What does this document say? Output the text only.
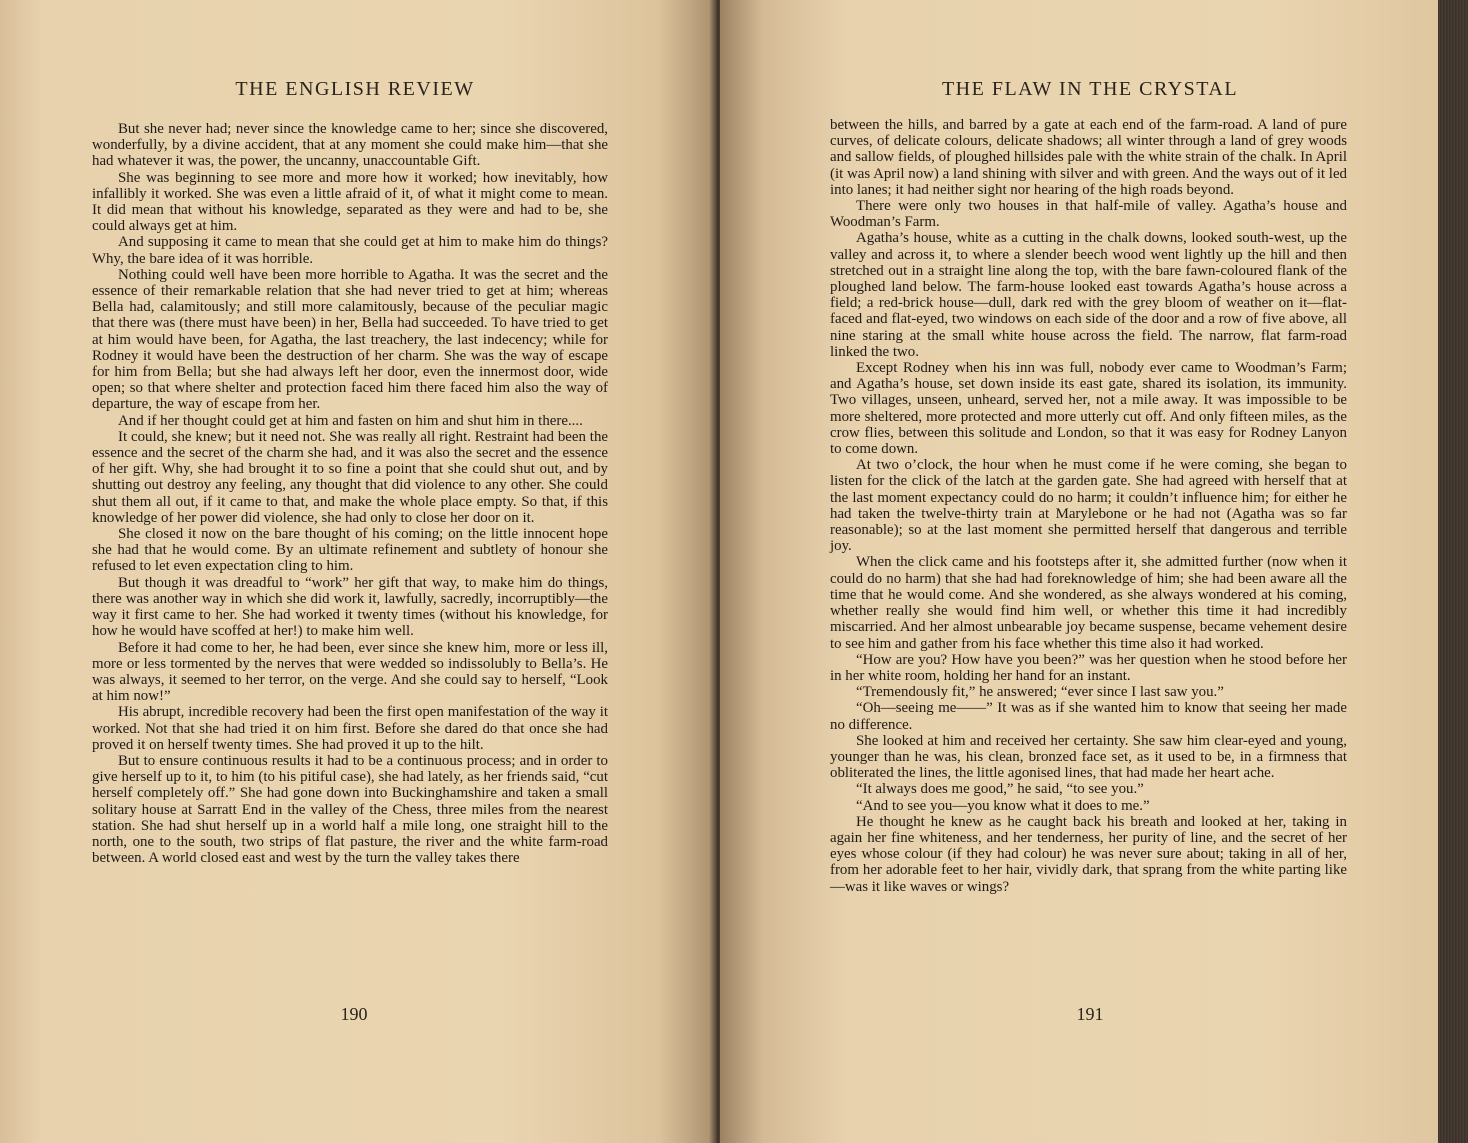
THE ENGLISH REVIEW

But she never had; never since the knowledge came to her; since she discovered, wonderfully, by a divine accident, that at any moment she could make him—that she had whatever it was, the power, the uncanny, unaccountable Gift.

She was beginning to see more and more how it worked; how inevitably, how infallibly it worked. She was even a little afraid of it, of what it might come to mean. It did mean that without his knowledge, separated as they were and had to be, she could always get at him.

And supposing it came to mean that she could get at him to make him do things? Why, the bare idea of it was horrible.

Nothing could well have been more horrible to Agatha. It was the secret and the essence of their remarkable relation that she had never tried to get at him; whereas Bella had, calamitously; and still more calamitously, because of the peculiar magic that there was (there must have been) in her, Bella had succeeded. To have tried to get at him would have been, for Agatha, the last treachery, the last indecency; while for Rodney it would have been the destruction of her charm. She was the way of escape for him from Bella; but she had always left her door, even the innermost door, wide open; so that where shelter and protection faced him there faced him also the way of departure, the way of escape from her.

And if her thought could get at him and fasten on him and shut him in there....

It could, she knew; but it need not. She was really all right. Restraint had been the essence and the secret of the charm she had, and it was also the secret and the essence of her gift. Why, she had brought it to so fine a point that she could shut out, and by shutting out destroy any feeling, any thought that did violence to any other. She could shut them all out, if it came to that, and make the whole place empty. So that, if this knowledge of her power did violence, she had only to close her door on it.

She closed it now on the bare thought of his coming; on the little innocent hope she had that he would come. By an ultimate refinement and subtlety of honour she refused to let even expectation cling to him.

But though it was dreadful to “work” her gift that way, to make him do things, there was another way in which she did work it, lawfully, sacredly, incorruptibly—the way it first came to her. She had worked it twenty times (without his knowledge, for how he would have scoffed at her!) to make him well.

Before it had come to her, he had been, ever since she knew him, more or less ill, more or less tormented by the nerves that were wedded so indissolubly to Bella’s. He was always, it seemed to her terror, on the verge. And she could say to herself, “Look at him now!”

His abrupt, incredible recovery had been the first open manifestation of the way it worked. Not that she had tried it on him first. Before she dared do that once she had proved it on herself twenty times. She had proved it up to the hilt.

But to ensure continuous results it had to be a continuous process; and in order to give herself up to it, to him (to his pitiful case), she had lately, as her friends said, “cut herself completely off.” She had gone down into Buckinghamshire and taken a small solitary house at Sarratt End in the valley of the Chess, three miles from the nearest station. She had shut herself up in a world half a mile long, one straight hill to the north, one to the south, two strips of flat pasture, the river and the white farm-road between. A world closed east and west by the turn the valley takes there

190
THE FLAW IN THE CRYSTAL

between the hills, and barred by a gate at each end of the farm-road. A land of pure curves, of delicate colours, delicate shadows; all winter through a land of grey woods and sallow fields, of ploughed hillsides pale with the white strain of the chalk. In April (it was April now) a land shining with silver and with green. And the ways out of it led into lanes; it had neither sight nor hearing of the high roads beyond.

There were only two houses in that half-mile of valley. Agatha’s house and Woodman’s Farm.

Agatha’s house, white as a cutting in the chalk downs, looked south-west, up the valley and across it, to where a slender beech wood went lightly up the hill and then stretched out in a straight line along the top, with the bare fawn-coloured flank of the ploughed land below. The farm-house looked east towards Agatha’s house across a field; a red-brick house—dull, dark red with the grey bloom of weather on it—flat-faced and flat-eyed, two windows on each side of the door and a row of five above, all nine staring at the small white house across the field. The narrow, flat farm-road linked the two.

Except Rodney when his inn was full, nobody ever came to Woodman’s Farm; and Agatha’s house, set down inside its east gate, shared its isolation, its immunity. Two villages, unseen, unheard, served her, not a mile away. It was impossible to be more sheltered, more protected and more utterly cut off. And only fifteen miles, as the crow flies, between this solitude and London, so that it was easy for Rodney Lanyon to come down.

At two o’clock, the hour when he must come if he were coming, she began to listen for the click of the latch at the garden gate. She had agreed with herself that at the last moment expectancy could do no harm; it couldn’t influence him; for either he had taken the twelve-thirty train at Marylebone or he had not (Agatha was so far reasonable); so at the last moment she permitted herself that dangerous and terrible joy.

When the click came and his footsteps after it, she admitted further (now when it could do no harm) that she had had foreknowledge of him; she had been aware all the time that he would come. And she wondered, as she always wondered at his coming, whether really she would find him well, or whether this time it had incredibly miscarried. And her almost unbearable joy became suspense, became vehement desire to see him and gather from his face whether this time also it had worked.

“How are you? How have you been?” was her question when he stood before her in her white room, holding her hand for an instant.

“Tremendously fit,” he answered; “ever since I last saw you.”

“Oh—seeing me——” It was as if she wanted him to know that seeing her made no difference.

She looked at him and received her certainty. She saw him clear-eyed and young, younger than he was, his clean, bronzed face set, as it used to be, in a firmness that obliterated the lines, the little agonised lines, that had made her heart ache.

“It always does me good,” he said, “to see you.”

“And to see you—you know what it does to me.”

He thought he knew as he caught back his breath and looked at her, taking in again her fine whiteness, and her tenderness, her purity of line, and the secret of her eyes whose colour (if they had colour) he was never sure about; taking in all of her, from her adorable feet to her hair, vividly dark, that sprang from the white parting like—was it like waves or wings?

191
